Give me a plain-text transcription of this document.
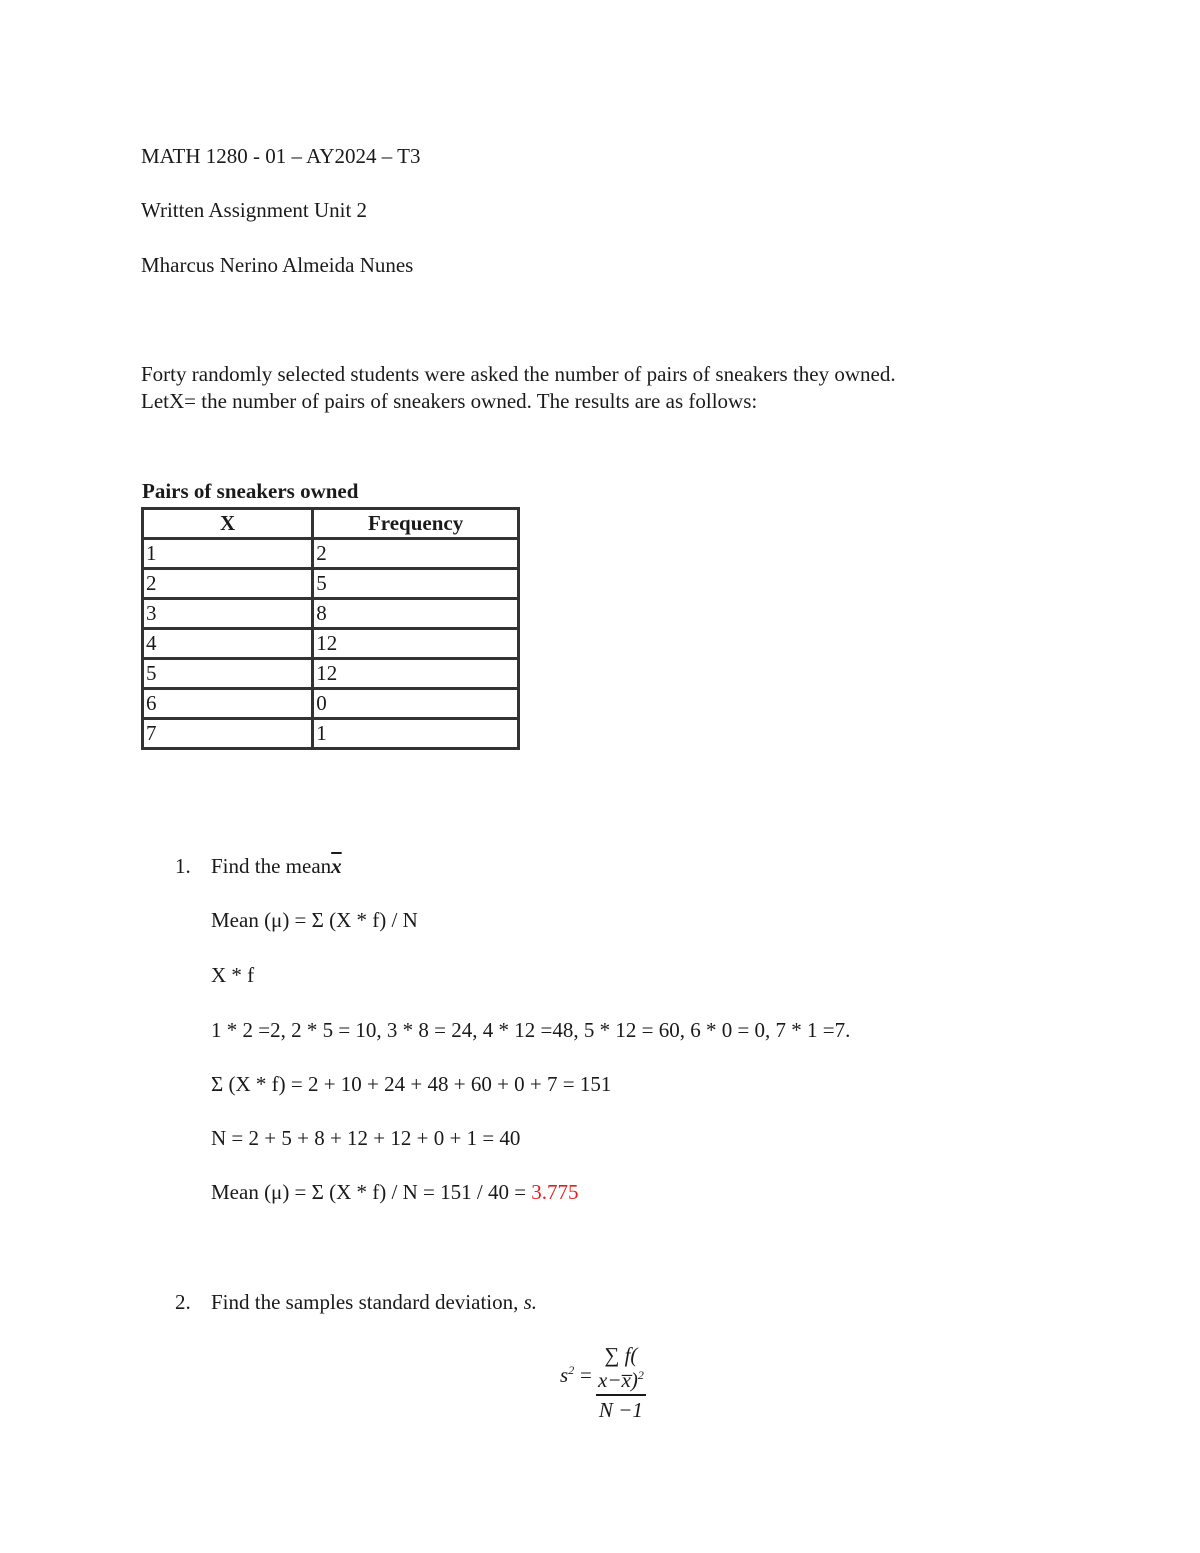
MATH 1280 - 01 – AY2024 – T3
Written Assignment Unit 2
Mharcus Nerino Almeida Nunes
Forty randomly selected students were asked the number of pairs of sneakers they owned.
LetX= the number of pairs of sneakers owned. The results are as follows:
Pairs of sneakers owned
X	Frequency
1	2
2	5
3	8
4	12
5	12
6	0
7	1
1. Find the $mean\overline{x}$
Mean (μ) = Σ (X * f) / N
X * f
1 * 2 =2, 2 * 5 = 10, 3 * 8 = 24, 4 * 12 =48, 5 * 12 = 60, 6 * 0 = 0, 7 * 1 =7.
Σ (X * f) = 2 + 10 + 24 + 48 + 60 + 0 + 7 = 151
N = 2 + 5 + 8 + 12 + 12 + 0 + 1 = 40
Mean (μ) = Σ (X * f) / N = 151 / 40 = 3.775
2. Find the samples standard deviation, s.
$s^2 = \frac{\sum f( x-x̅)^2}{N -1}$
